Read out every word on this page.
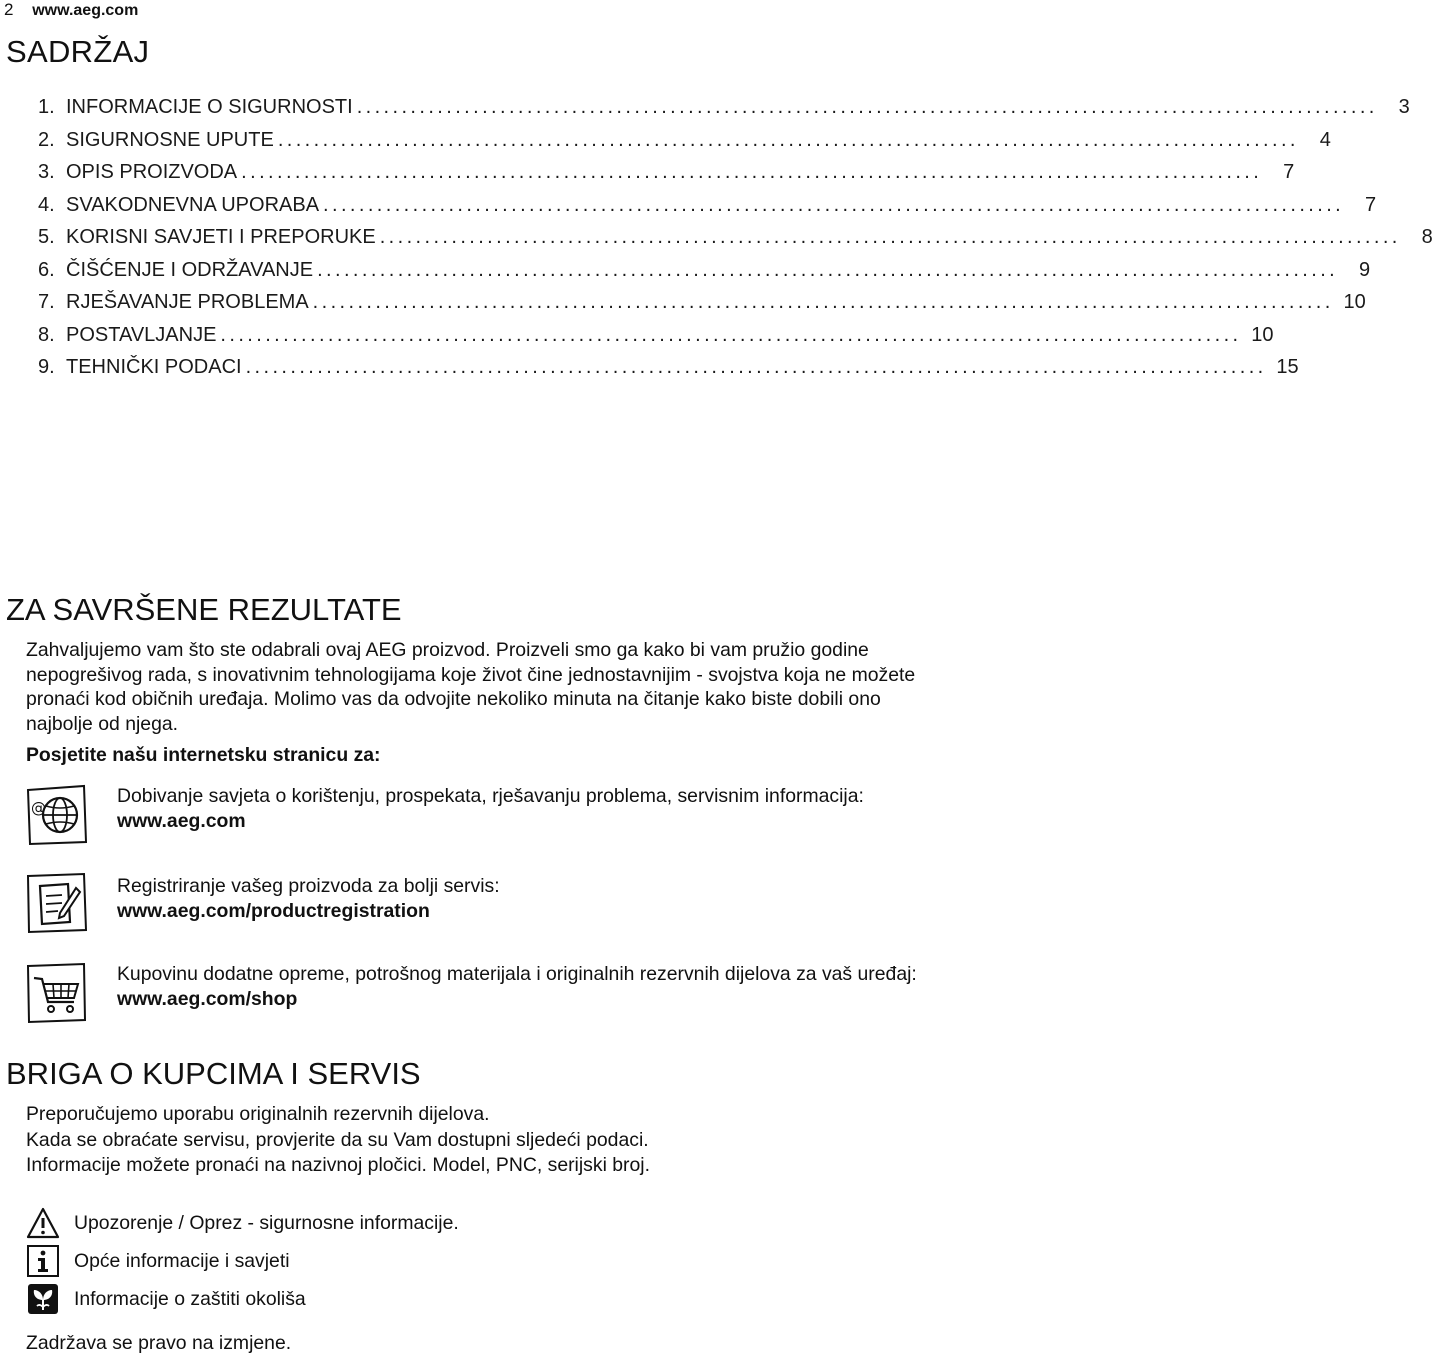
2 www.aeg.com
SADRŽAJ
1. INFORMACIJE O SIGURNOSTI ..................................................................................................................	3
2. SIGURNOSNE UPUTE ..................................................................................................................	4
3. OPIS PROIZVODA ..................................................................................................................	7
4. SVAKODNEVNA UPORABA ..................................................................................................................	7
5. KORISNI SAVJETI I PREPORUKE ..................................................................................................................	8
6. ČIŠĆENJE I ODRŽAVANJE ..................................................................................................................	9
7. RJEŠAVANJE PROBLEMA .................................................................................................................. 10
8. POSTAVLJANJE .................................................................................................................. 10
9. TEHNIČKI PODACI .................................................................................................................. 15
ZA SAVRŠENE REZULTATE
Zahvaljujemo vam što ste odabrali ovaj AEG proizvod. Proizveli smo ga kako bi vam pružio godine nepogrešivog rada, s inovativnim tehnologijama koje život čine jednostavnijim - svojstva koja ne možete pronaći kod običnih uređaja. Molimo vas da odvojite nekoliko minuta na čitanje kako biste dobili ono najbolje od njega.
Posjetite našu internetsku stranicu za:
@
Dobivanje savjeta o korištenju, prospekata, rješavanju problema, servisnim informacija:
www.aeg.com
Registriranje vašeg proizvoda za bolji servis:
www.aeg.com/productregistration
Kupovinu dodatne opreme, potrošnog materijala i originalnih rezervnih dijelova za vaš uređaj:
www.aeg.com/shop
BRIGA O KUPCIMA I SERVIS
Preporučujemo uporabu originalnih rezervnih dijelova.
Kada se obraćate servisu, provjerite da su Vam dostupni sljedeći podaci.
Informacije možete pronaći na nazivnoj pločici. Model, PNC, serijski broj.
Upozorenje / Oprez - sigurnosne informacije.
Opće informacije i savjeti
Informacije o zaštiti okoliša
Zadržava se pravo na izmjene.
